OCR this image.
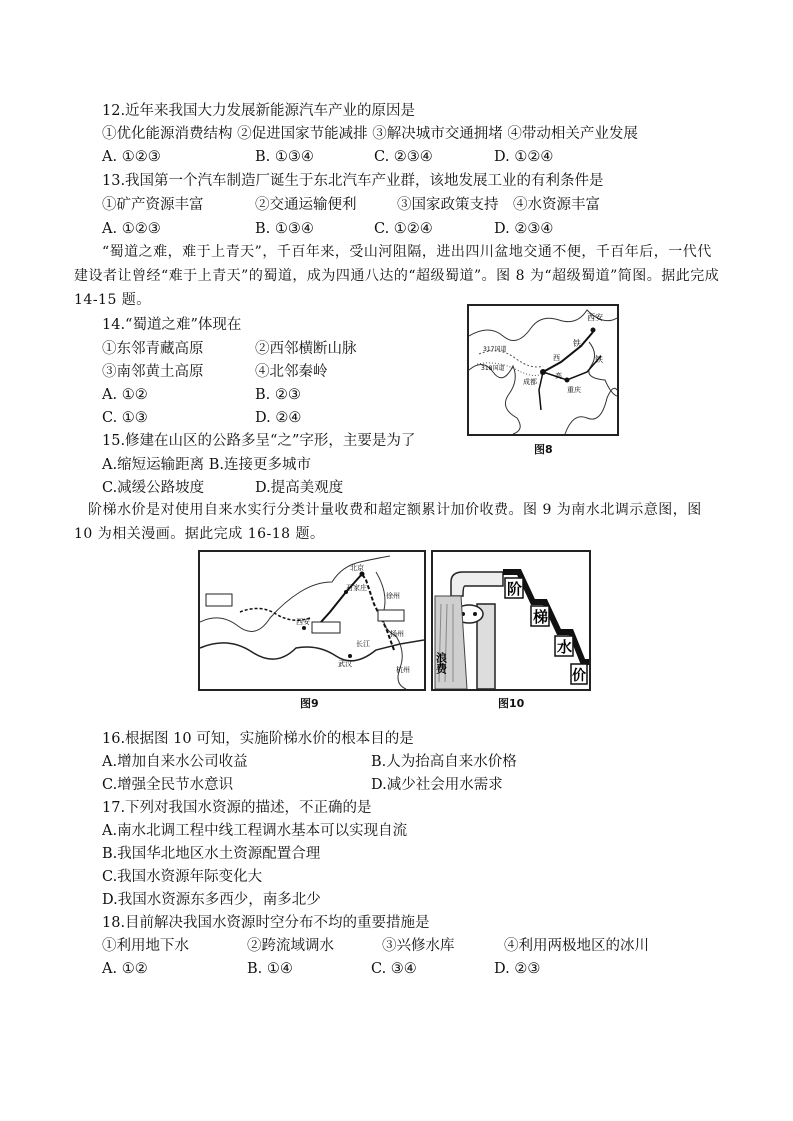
12.近年来我国大力发展新能源汽车产业的原因是
①优化能源消费结构 ②促进国家节能减排 ③解决城市交通拥堵 ④带动相关产业发展
A. ①②③	B. ①③④	C. ②③④	D. ①②④
13.我国第一个汽车制造厂诞生于东北汽车产业群，该地发展工业的有利条件是
①矿产资源丰富	②交通运输便利	③国家政策支持 ④水资源丰富
A. ①②③	B. ①③④	C. ①②④	D. ②③④
“蜀道之难，难于上青天”，千百年来，受山河阻隔，进出四川盆地交通不便，千百年后，一代代建设者让曾经“难于上青天”的蜀道，成为四通八达的“超级蜀道”。图 8 为“超级蜀道”简图。据此完成 14-15 题。
14.“蜀道之难”体现在
①东邻青藏高原	②西邻横断山脉
③南邻黄土高原	④北邻秦岭
A. ①②	B. ②③
C. ①③	D. ②④
15.修建在山区的公路多呈“之”字形，主要是为了
A.缩短运输距离 B.连接更多城市
C.减缓公路坡度	D.提高美观度
西安
铁
铁
317国道
318国道
成都
重庆
西
高
图8
阶梯水价是对使用自来水实行分类计量收费和超定额累计加价收费。图 9 为南水北调示意图，图 10 为相关漫画。据此完成 16-18 题。
北京
石家庄
西安
武汉
杭州
扬州
徐州
长江
图9
浪费
阶
梯
水
价
图10
16.根据图 10 可知，实施阶梯水价的根本目的是
A.增加自来水公司收益	B.人为抬高自来水价格
C.增强全民节水意识	D.减少社会用水需求
17.下列对我国水资源的描述，不正确的是
A.南水北调工程中线工程调水基本可以实现自流
B.我国华北地区水土资源配置合理
C.我国水资源年际变化大
D.我国水资源东多西少，南多北少
18.目前解决我国水资源时空分布不均的重要措施是
①利用地下水	②跨流域调水	③兴修水库	④利用两极地区的冰川
A. ①②	B. ①④	C. ③④	D. ②③
